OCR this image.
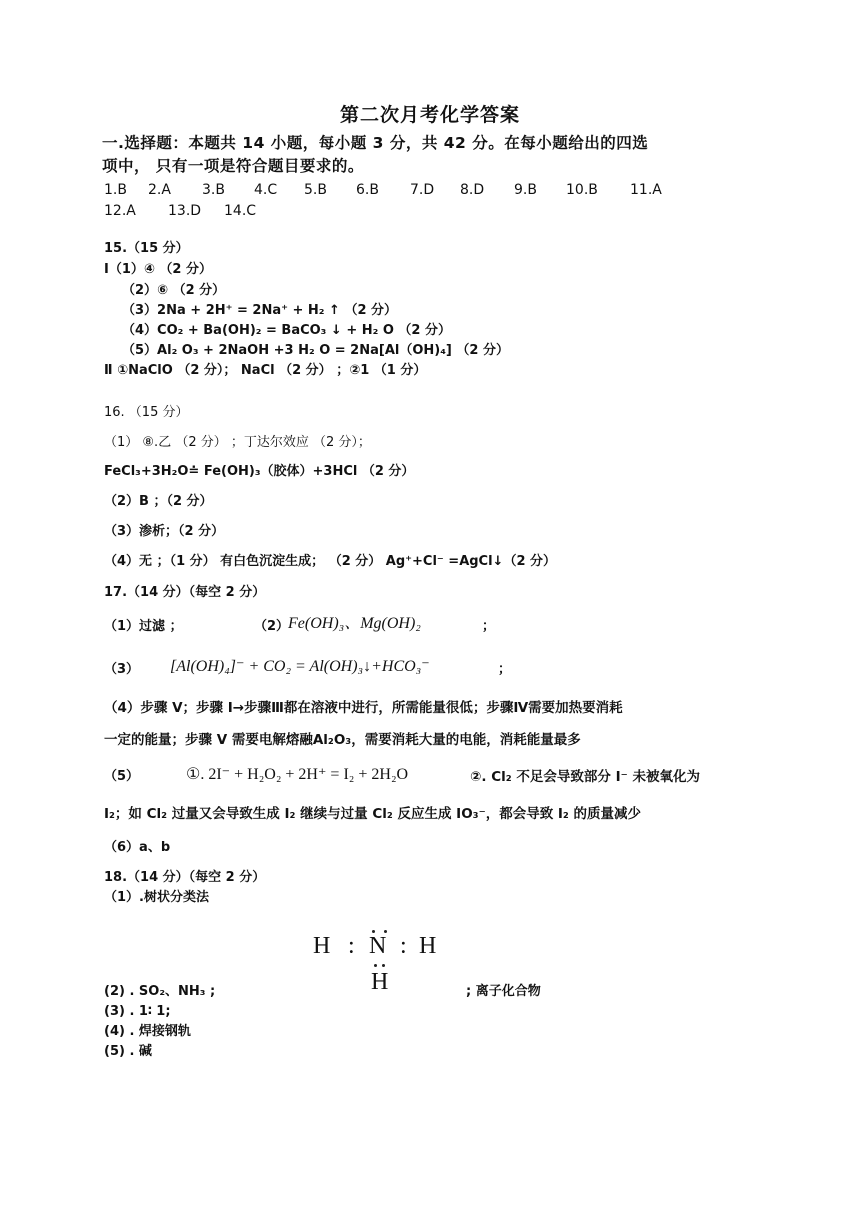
第二次月考化学答案
一.选择题：本题共 14 小题，每小题 3 分，共 42 分。在每小题给出的四选
项中， 只有一项是符合题目要求的。
1.B 2.A 3.B 4.C 5.B 6.B 7.D 8.D 9.B 10.B 11.A
12.A 13.D 14.C
15.（15 分）
Ⅰ（1）④ （2 分）
（2）⑥ （2 分）
（3）2Na + 2H⁺ = 2Na⁺ + H₂ ↑ （2 分）
（4）CO₂ + Ba(OH)₂ = BaCO₃ ↓ + H₂ O （2 分）
（5）Al₂ O₃ + 2NaOH +3 H₂ O = 2Na[Al（OH)₄] （2 分）
Ⅱ ①NaClO （2 分）； NaCl （2 分） ；②1 （1 分）
16. （15 分）
（1） ⑧.乙 （2 分） ；丁达尔效应 （2 分）；
FeCl₃+3H₂O≐ Fe(OH)₃（胶体）+3HCl （2 分）
（2）B ；（2 分）
（3）渗析；（2 分）
（4）无 ；（1 分） 有白色沉淀生成； （2 分） Ag⁺+Cl⁻ =AgCl↓（2 分）
17.（14 分）（每空 2 分）
（1）过滤 ；	（2）
Fe(OH)₃、Mg(OH)₂	；
（3） [Al(OH)₄]⁻ + CO₂ = Al(OH)₃↓+HCO₃⁻	；
（4）步骤 V；步骤 Ⅰ→步骤Ⅲ都在溶液中进行，所需能量很低；步骤Ⅳ需要加热要消耗
一定的能量；步骤 V 需要电解熔融Al₂O₃，需要消耗大量的电能，消耗能量最多
（5）	①. 2I⁻ + H₂O₂ + 2H⁺ = I₂ + 2H₂O	②. Cl₂ 不足会导致部分 I⁻ 未被氧化为
I₂；如 Cl₂ 过量又会导致生成 I₂ 继续与过量 Cl₂ 反应生成 IO₃⁻，都会导致 I₂ 的质量减少
（6）a、b
18.（14 分）（每空 2 分）
（1）.树状分类法
H : N : H
H
(2) . SO₂、NH₃ ;	; 离子化合物
(3) . 1∶ 1;
(4) . 焊接钢轨
(5) . 碱
